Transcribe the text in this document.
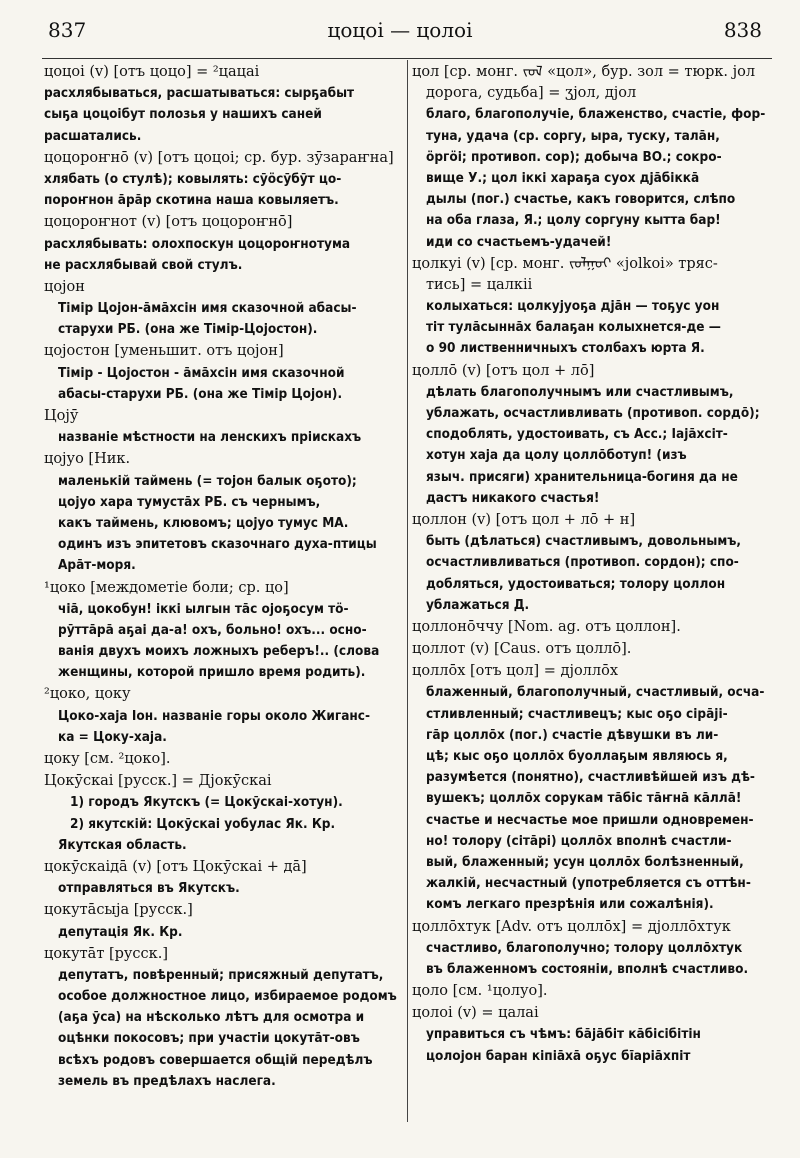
837	цоцоі — цолоі	838
цоцоі (v) [отъ цоцо] = ²цацаі
расхлябываться, расшатываться: сырҕабыт
сыҕа цоцоібут полозья у нашихъ саней
расшатались.
цоцороҥнō (v) [отъ цоцоі; ср. бур. зӯзараҥна]
хлябать (о стулѣ); ковылять: сӯӧсӯбӯт цо-
пороҥнон āрāр скотина наша ковыляетъ.
цоцороҥнот (v) [отъ цоцороҥнō]
расхлябывать: олохпоскун цоцороҥнотума
не расхлябывай свой стулъ.
цојон
Тімір Цојон-āмāхсін имя сказочной абасы-
старухи РБ. (она же Тімір-Цојостон).
цојостон [уменьшит. отъ цојон]
Тімір - Цојостон - āмāхсін имя сказочной
абасы-старухи РБ. (она же Тімір Цојон).
Цојӯ
названіе мѣстности на ленскихъ пріискахъ
цојуо [Ник.
маленькій таймень (= тојон балык оҕото);
цојуо хара тумустāх РБ. съ чернымъ,
какъ таймень, клювомъ; цојуо тумус МА.
одинъ изъ эпитетовъ сказочнаго духа-птицы
Арāт-моря.
¹цоко [междометіе боли; ср. цо]
чіā, цокобун! іккі ылгын тāс ојоҕосум тӧ-
рӯттāрā аҕаі да-а! охъ, больно! охъ... осно-
ванія двухъ моихъ ложныхъ реберъ!.. (слова
женщины, которой пришло время родить).
²цоко, цоку
Цоко-хаја Іон. названіе горы около Жиганс-
ка = Цоку-хаја.
цоку [см. ²цоко].
Цокӯскаі [русск.] = Дјокӯскаі
1) городъ Якутскъ (= Цокӯскаі-хотун).
2) якутскій: Цокӯскаі уобулас Як. Кр.
Якутская область.
цокӯскаідā (v) [отъ Цокӯскаі + дā]
отправляться въ Якутскъ.
цокутāсыја [русск.]
депутація Як. Кр.
цокутāт [русск.]
депутатъ, повѣренный; присяжный депутатъ,
особое должностное лицо, избираемое родомъ
(аҕа ӯса) на нѣсколько лѣтъ для осмотра и
оцѣнки покосовъ; при участіи цокутāт-овъ
всѣхъ родовъ совершается общій передѣлъ
земель въ предѣлахъ наслега.
цол [ср. монг. ᠵᠣᠯ «цол», бур. зол = тюрк. јол
дорога, судьба] = ӡјол, дјол
благо, благополучіе, блаженство, счастіе, фор-
туна, удача (ср. соргу, ыра, туску, талāн,
ӧргӧі; противоп. сор); добыча ВО.; сокро-
вище У.; цол іккі хараҕа суох дјāбіккā
дылы (пог.) счастье, какъ говорится, слѣпо
на оба глаза, Я.; цолу соргуну кытта бар!
иди со счастьемъ-удачей!
цолкуі (v) [ср. монг. ᠵᠣᠯᠭᠣᠢ «јolkoi» тряс-
тись] = цалкіі
колыхаться: цолкујуоҕа дјāн — тоҕус уон
тіт тулāсыннāх балаҕан колыхнется-де —
о 90 лиственничныхъ столбахъ юрта Я.
цоллō (v) [отъ цол + лō]
дѣлать благополучнымъ или счастливымъ,
ублажать, осчастливливать (противоп. сордō);
сподоблять, удостоивать, съ Acc.; Іајāхсіт-
хотун хаја да цолу цоллōботуп! (изъ
языч. присяги) хранительница-богиня да не
дастъ никакого счастья!
цоллон (v) [отъ цол + лō + н]
быть (дѣлаться) счастливымъ, довольнымъ,
осчастливливаться (противоп. сордон); спо-
добляться, удостоиваться; толору цоллон
ублажаться Д.
цоллонōччу [Nom. ag. отъ цоллон].
цоллот (v) [Caus. отъ цоллō].
цоллōх [отъ цол] = дјоллōх
блаженный, благополучный, счастливый, осча-
стливленный; счастливецъ; кыс оҕо сірāјі-
гāр цоллōх (пог.) счастіе дѣвушки въ ли-
цѣ; кыс оҕо цоллōх буоллаҕым являюсь я,
разумѣется (понятно), счастливѣйшей изъ дѣ-
вушекъ; цоллōх сорукам тāбіс тāҥнā кāллā!
счастье и несчастье мое пришли одновремен-
но! толору (сітāрі) цоллōх вполнѣ счастли-
вый, блаженный; усун цоллōх болѣзненный,
жалкій, несчастный (употребляется съ оттѣн-
комъ легкаго презрѣнія или сожалѣнія).
цоллōхтук [Adv. отъ цоллōх] = дјоллōхтук
счастливо, благополучно; толору цоллōхтук
въ блаженномъ состояніи, вполнѣ счастливо.
цоло [см. ¹цолуо].
цолоі (v) = цалаі
управиться съ чѣмъ: бāјāбіт кāбісібітін
цолојон баран кіпіāхā оҕус бīаріāхпіт
